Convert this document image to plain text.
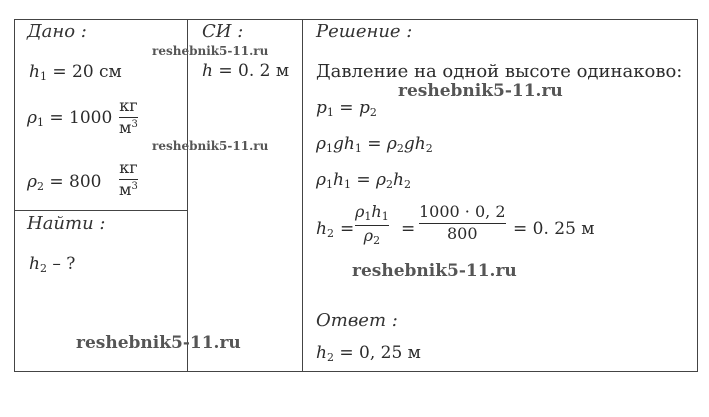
Дано :
$h_1 = 20$ см
$\rho_1 = 1000$
кг
$м^3$
$\rho_2 = 800$
кг
$м^3$
Найти :
$h_2$ – ?
СИ :
h = 0. 2 м
Решение :
Давление на одной высоте одинаково:
$p_1 = p_2$
$\rho_1gh_1 = \rho_2gh_2$
$\rho_1h_1 = \rho_2h_2$
$h_2$ =
$\rho_1h_1$
$\rho_2$
=
1000 · 0, 2
800 = 0. 25 м
Ответ :
$h_2 = 0$, 25 м
reshebnik5-11.ru
reshebnik5-11.ru
reshebnik5-11.ru
reshebnik5-11.ru
reshebnik5-11.ru
